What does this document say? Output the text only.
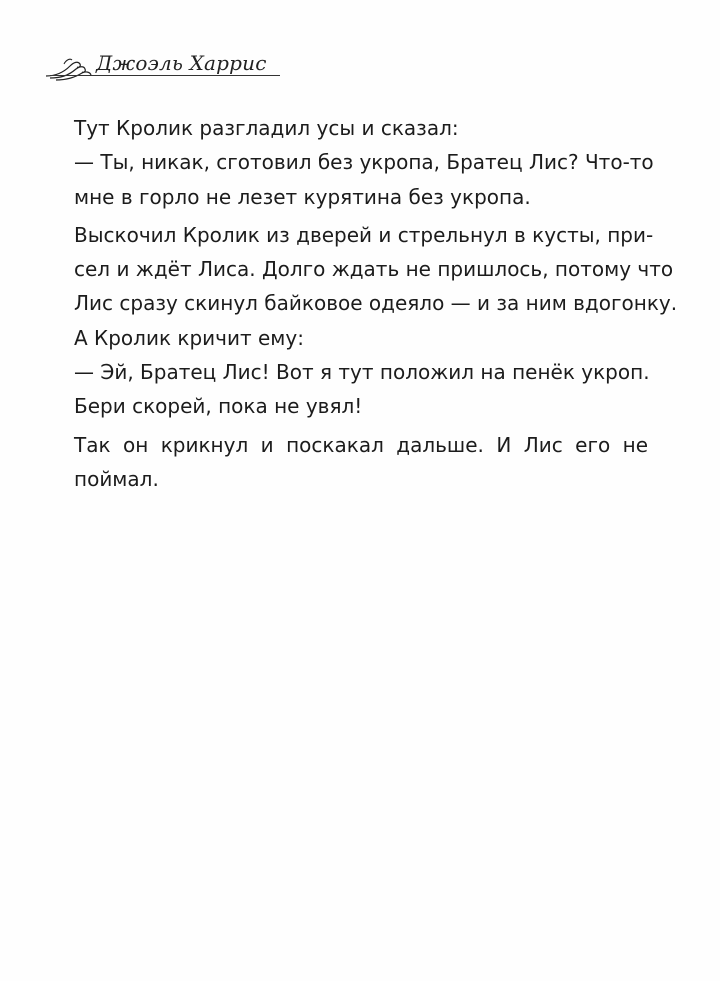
Джоэль Харрис
Тут Кролик разгладил усы и сказал:
— Ты, никак, сготовил без укропа, Братец Лис? Что-то
мне в горло не лезет курятина без укропа.
Выскочил Кролик из дверей и стрельнул в кусты, при-
сел и ждёт Лиса. Долго ждать не пришлось, потому что
Лис сразу скинул байковое одеяло — и за ним вдогонку.
А Кролик кричит ему:
— Эй, Братец Лис! Вот я тут положил на пенёк укроп.
Бери скорей, пока не увял!
Так он крикнул и поскакал дальше. И Лис его не
поймал.
